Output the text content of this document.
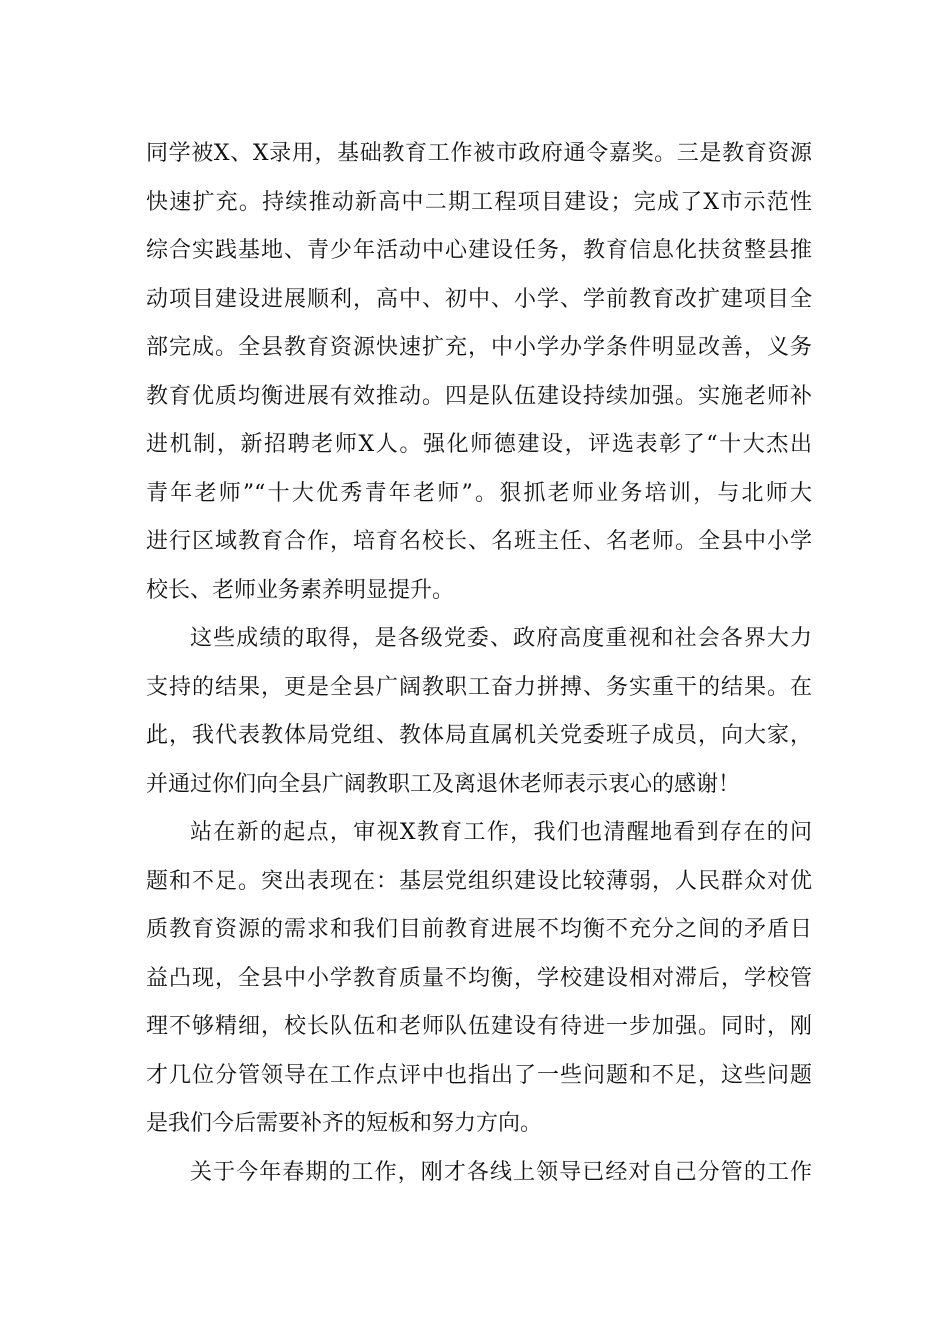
同学被X、X录用，基础教育工作被市政府通令嘉奖。三是教育资源
快速扩充。持续推动新高中二期工程项目建设；完成了X市示范性
综合实践基地、青少年活动中心建设任务，教育信息化扶贫整县推
动项目建设进展顺利，高中、初中、小学、学前教育改扩建项目全
部完成。全县教育资源快速扩充，中小学办学条件明显改善，义务
教育优质均衡进展有效推动。四是队伍建设持续加强。实施老师补
进机制，新招聘老师X人。强化师德建设，评选表彰了“十大杰出
青年老师”“十大优秀青年老师”。狠抓老师业务培训，与北师大
进行区域教育合作，培育名校长、名班主任、名老师。全县中小学
校长、老师业务素养明显提升。
这些成绩的取得，是各级党委、政府高度重视和社会各界大力
支持的结果，更是全县广阔教职工奋力拼搏、务实重干的结果。在
此，我代表教体局党组、教体局直属机关党委班子成员，向大家，
并通过你们向全县广阔教职工及离退休老师表示衷心的感谢！
站在新的起点，审视X教育工作，我们也清醒地看到存在的问
题和不足。突出表现在：基层党组织建设比较薄弱，人民群众对优
质教育资源的需求和我们目前教育进展不均衡不充分之间的矛盾日
益凸现，全县中小学教育质量不均衡，学校建设相对滞后，学校管
理不够精细，校长队伍和老师队伍建设有待进一步加强。同时，刚
才几位分管领导在工作点评中也指出了一些问题和不足，这些问题
是我们今后需要补齐的短板和努力方向。
关于今年春期的工作，刚才各线上领导已经对自己分管的工作
